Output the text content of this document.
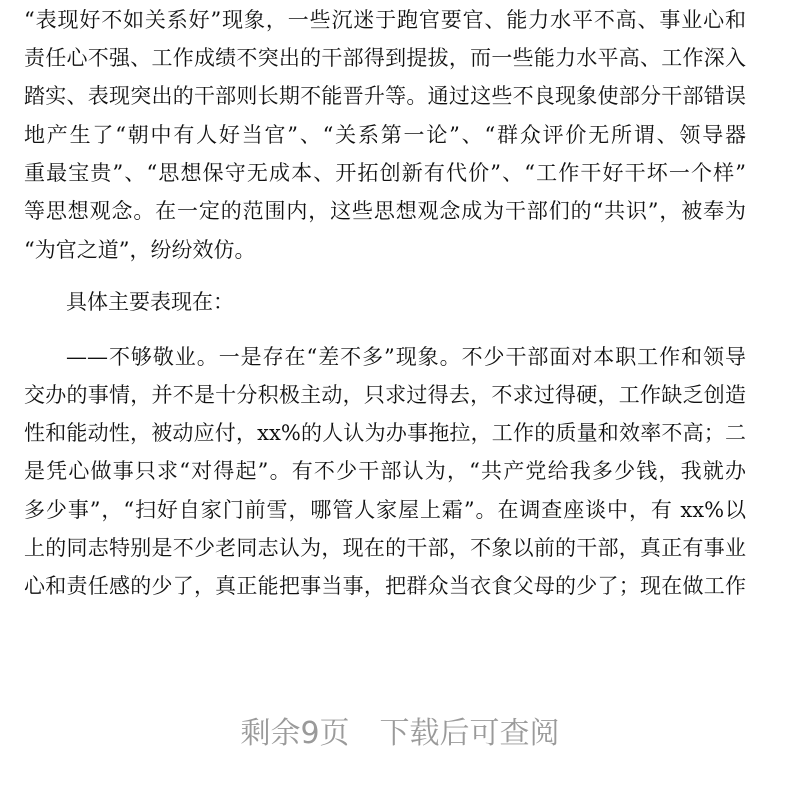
“表现好不如关系好”现象，一些沉迷于跑官要官、能力水平不高、事业心和
责任心不强、工作成绩不突出的干部得到提拔，而一些能力水平高、工作深入
踏实、表现突出的干部则长期不能晋升等。通过这些不良现象使部分干部错误
地产生了“朝中有人好当官”、“关系第一论”、“群众评价无所谓、领导器
重最宝贵”、“思想保守无成本、开拓创新有代价”、“工作干好干坏一个样”
等思想观念。在一定的范围内，这些思想观念成为干部们的“共识”，被奉为
“为官之道”，纷纷效仿。
具体主要表现在：
——不够敬业。一是存在“差不多”现象。不少干部面对本职工作和领导
交办的事情，并不是十分积极主动，只求过得去，不求过得硬，工作缺乏创造
性和能动性，被动应付，xx%的人认为办事拖拉，工作的质量和效率不高；二
是凭心做事只求“对得起”。有不少干部认为，“共产党给我多少钱，我就办
多少事”，“扫好自家门前雪，哪管人家屋上霜”。在调查座谈中，有 xx%以
上的同志特别是不少老同志认为，现在的干部，不象以前的干部，真正有事业
心和责任感的少了，真正能把事当事，把群众当衣食父母的少了；现在做工作
剩余9页　下载后可查阅
